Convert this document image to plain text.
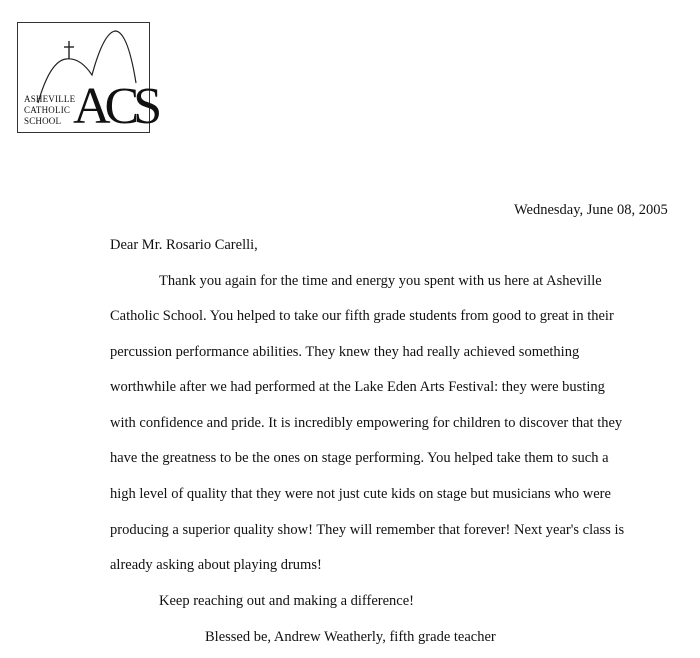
ASHEVILLE
CATHOLIC
SCHOOL ACS
Wednesday, June 08, 2005
Dear Mr. Rosario Carelli,
Thank you again for the time and energy you spent with us here at Asheville
Catholic School. You helped to take our fifth grade students from good to great in their
percussion performance abilities. They knew they had really achieved something
worthwhile after we had performed at the Lake Eden Arts Festival: they were busting
with confidence and pride. It is incredibly empowering for children to discover that they
have the greatness to be the ones on stage performing. You helped take them to such a
high level of quality that they were not just cute kids on stage but musicians who were
producing a superior quality show! They will remember that forever! Next year's class is
already asking about playing drums!
Keep reaching out and making a difference!
Blessed be, Andrew Weatherly, fifth grade teacher
